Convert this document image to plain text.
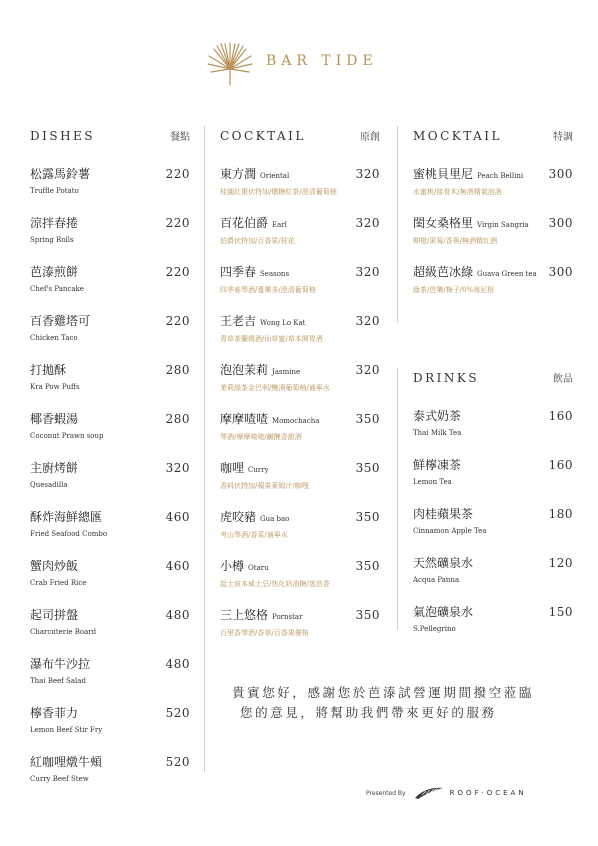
BAR TIDE
DISHES	餐點
松露馬鈴薯	220
Truffle Potato
涼拌春捲	220
Spring Rolls
芭溙煎餅	220
Chef's Pancake
百香雞塔可	220
Chicken Taco
打拋酥	280
Kra Pow Puffs
椰香蝦湯	280
Coconut Prawn soup
主廚烤餅	320
Quesadilla
酥炸海鮮總匯	460
Fried Seafood Combo
蟹肉炒飯	460
Crab Fried Rice
起司拼盤	480
Charcuterie Board
瀑布牛沙拉	480
Thai Beef Salad
檸香菲力	520
Lemon Beef Stir Fry
紅咖哩燉牛頰	520
Curry Beef Stew
COCKTAIL	原創
東方潤 Oriental	320
桂圓紅棗伏特加/燉糖紅茶/澄清葡萄柚
百花伯爵 Earl	320
伯爵伏特加/百香果/桂花
四季春 Seasons	320
四季春琴酒/蔓樂多/澄清葡萄柚
王老吉 Wong Lo Kat	320
青草茶蘭姆酒/仙草蜜/草本開胃酒
泡泡茉莉 Jasmine	320
茉莉綠茶金巴利/醃漬葡萄柚/通寧水
摩摩喳喳 Momochacha	350
琴酒/摩摩喳喳/鹹醃香甜酒
咖哩 Curry	350
香料伏特加/蘋果萊姆汁/咖哩
虎咬豬 Gua bao	350
考山琴酒/香菜/通寧水
小樽 Otaru	350
起士波本威士忌/焦化奶油糖/迷迭香
三上悠格 Pornstar	350
百里香琴酒/香草/百香果優格
MOCKTAIL	特調
蜜桃貝里尼 Peach Bellini 300
水蜜桃/接骨木/無酒精氣泡酒
閨女桑格里 Virgin Sangria 300
柳橙/果莓/香蕉/無酒精紅酒
超級芭冰綠 Guava Green tea 300
綠茶/芭樂/梅子/0%海尼根
DRINKS	飲品
泰式奶茶	160
Thai Milk Tea
鮮檸凍茶	160
Lemon Tea
肉桂蘋果茶	180
Cinnamon Apple Tea
天然礦泉水	120
Acqua Panna
氣泡礦泉水	150
S.Pellegrino
貴賓您好，感謝您於芭溙試營運期間撥空蒞臨
您的意見，將幫助我們帶來更好的服務
Presented By	ROOF·OCEAN
